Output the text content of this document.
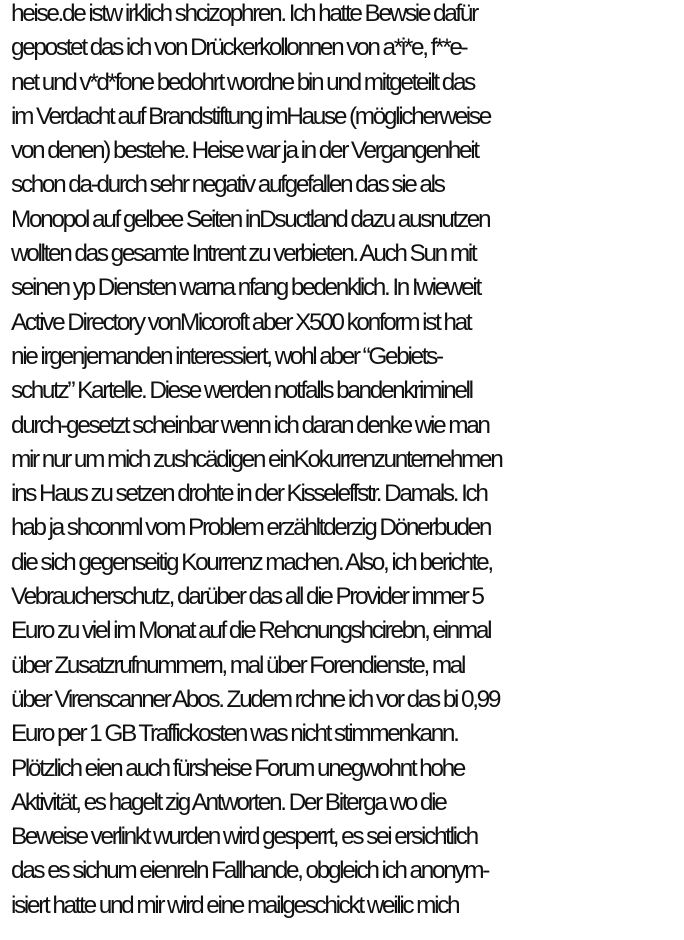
heise.de istw irklich shcizophren. Ich hatte Bewsie dafür
gepostet das ich von Drückerkollonnen von a*i*e, f**e-
net und v*d*fone bedohrt wordne bin und mitgeteilt das
im Verdacht auf Brandstiftung imHause (möglicherweise
von denen) bestehe. Heise war ja in der Vergangenheit
schon da-durch sehr negativ aufgefallen das sie als
Monopol auf gelbee Seiten inDsuctland dazu ausnutzen
wollten das gesamte Intrent zu verbieten. Auch Sun mit
seinen yp Diensten warna nfang bedenklich. In Iwieweit
Active Directory vonMicoroft aber X500 konform ist hat
nie irgenjemanden interessiert, wohl aber “Gebiets-
schutz” Kartelle. Diese werden notfalls bandenkriminell
durch-gesetzt scheinbar wenn ich daran denke wie man
mir nur um mich zushcädigen einKokurrenzunternehmen
ins Haus zu setzen drohte in der Kisseleffstr. Damals. Ich
hab ja shconml vom Problem erzähltderzig Dönerbuden
die sich gegenseitig Kourrenz machen. Also, ich berichte,
Vebraucherschutz, darüber das all die Provider immer 5
Euro zu viel im Monat auf die Rehcnungshcirebn, einmal
über Zusatzrufnummern, mal über Forendienste, mal
über Virenscanner Abos. Zudem rchne ich vor das bi 0,99
Euro per 1 GB Traffickosten was nicht stimmenkann.
Plötzlich eien auch fürsheise Forum unegwohnt hohe
Aktivität, es hagelt zig Antworten. Der Biterga wo die
Beweise verlinkt wurden wird gesperrt, es sei ersichtlich
das es sichum eienreln Fallhande, obgleich ich anonym-
isiert hatte und mir wird eine mailgeschickt weilic mich
